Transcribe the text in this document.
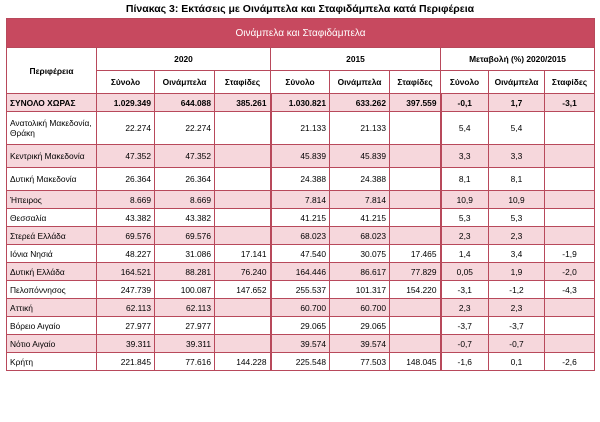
Πίνακας 3: Εκτάσεις με Οινάμπελα και Σταφιδάμπελα κατά Περιφέρεια
Οινάμπελα και Σταφιδάμπελα									
Περιφέρεια	2020			2015			Μεταβολή (%) 2020/2015		
	Σύνολο	Οινάμπελα	Σταφίδες	Σύνολο	Οινάμπελα	Σταφίδες	Σύνολο	Οινάμπελα	Σταφίδες
ΣΥΝΟΛΟ ΧΩΡΑΣ	1.029.349	644.088	385.261	1.030.821	633.262	397.559	-0,1	1,7	-3,1
Ανατολική Μακεδονία, Θράκη	22.274	22.274		21.133	21.133		5,4	5,4	
Κεντρική Μακεδονία	47.352	47.352		45.839	45.839		3,3	3,3	
Δυτική Μακεδονία	26.364	26.364		24.388	24.388		8,1	8,1	
Ήπειρος	8.669	8.669		7.814	7.814		10,9	10,9	
Θεσσαλία	43.382	43.382		41.215	41.215		5,3	5,3	
Στερεά Ελλάδα	69.576	69.576		68.023	68.023		2,3	2,3	
Ιόνια Νησιά	48.227	31.086	17.141	47.540	30.075	17.465	1,4	3,4	-1,9
Δυτική Ελλάδα	164.521	88.281	76.240	164.446	86.617	77.829	0,05	1,9	-2,0
Πελοπόννησος	247.739	100.087	147.652	255.537	101.317	154.220	-3,1	-1,2	-4,3
Αττική	62.113	62.113		60.700	60.700		2,3	2,3	
Βόρειο Αιγαίο	27.977	27.977		29.065	29.065		-3,7	-3,7	
Νότιο Αιγαίο	39.311	39.311		39.574	39.574		-0,7	-0,7	
Κρήτη	221.845	77.616	144.228	225.548	77.503	148.045	-1,6	0,1	-2,6
